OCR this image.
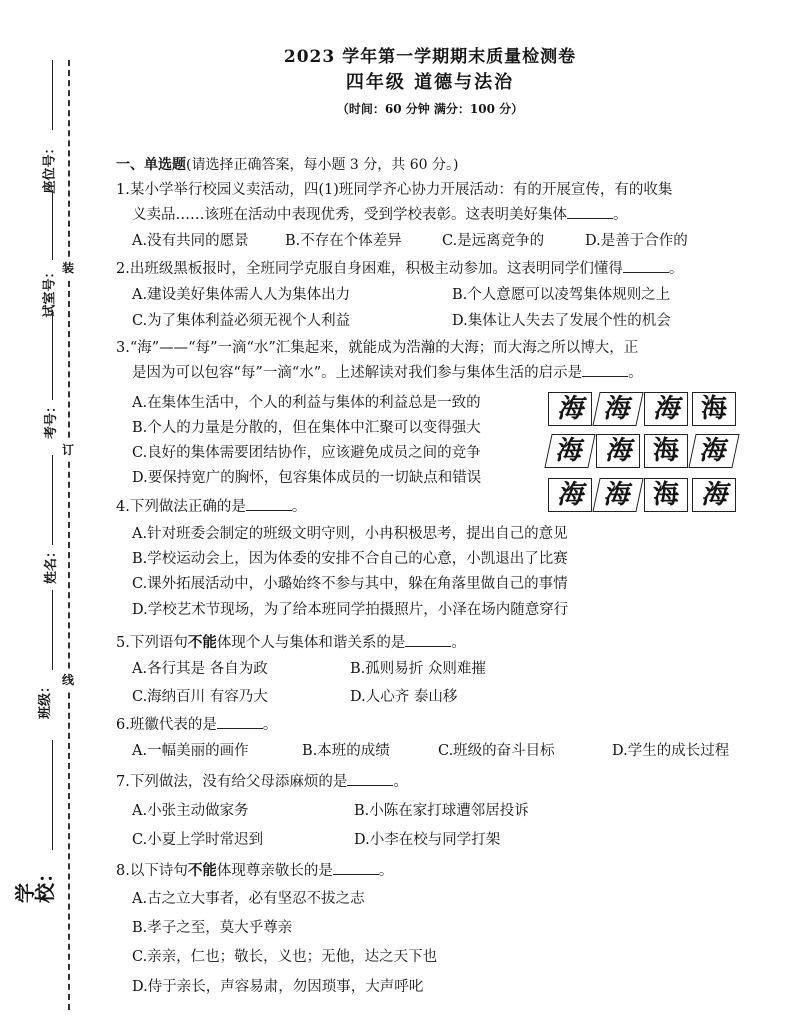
2023 学年第一学期期末质量检测卷
四年级 道德与法治
（时间：60 分钟 满分：100 分）
座位号：
试室号： 装
考号：
订
姓名：
班级： 线
学校：
一、单选题(请选择正确答案，每小题 3 分，共 60 分。)
1.某小学举行校园义卖活动，四(1)班同学齐心协力开展活动：有的开展宣传，有的收集
义卖品……该班在活动中表现优秀，受到学校表彰。这表明美好集体	。
A.没有共同的愿景	B.不存在个体差异	C.是远离竞争的	D.是善于合作的
2.出班级黑板报时，全班同学克服自身困难，积极主动参加。这表明同学们懂得	。
A.建设美好集体需人人为集体出力	B.个人意愿可以凌驾集体规则之上
C.为了集体利益必须无视个人利益	D.集体让人失去了发展个性的机会
3.“海”——“每”一滴“水”汇集起来，就能成为浩瀚的大海；而大海之所以博大，正
是因为可以包容“每”一滴“水”。上述解读对我们参与集体生活的启示是	。
A.在集体生活中，个人的利益与集体的利益总是一致的
B.个人的力量是分散的，但在集体中汇聚可以变得强大
C.良好的集体需要团结协作，应该避免成员之间的竞争
D.要保持宽广的胸怀，包容集体成员的一切缺点和错误
海 海 海 海
海 海 海 海
海 海 海 海
4.下列做法正确的是	。
A.针对班委会制定的班级文明守则，小冉积极思考，提出自己的意见
B.学校运动会上，因为体委的安排不合自己的心意，小凯退出了比赛
C.课外拓展活动中，小璐始终不参与其中，躲在角落里做自己的事情
D.学校艺术节现场，为了给本班同学拍摄照片，小泽在场内随意穿行
5.下列语句不能体现个人与集体和谐关系的是	。
A.各行其是 各自为政	B.孤则易折 众则难摧
C.海纳百川 有容乃大	D.人心齐 泰山移
6.班徽代表的是	。
A.一幅美丽的画作	B.本班的成绩	C.班级的奋斗目标	D.学生的成长过程
7.下列做法，没有给父母添麻烦的是	。
A.小张主动做家务	B.小陈在家打球遭邻居投诉
C.小夏上学时常迟到	D.小李在校与同学打架
8.以下诗句不能体现尊亲敬长的是	。
A.古之立大事者，必有坚忍不拔之志
B.孝子之至，莫大乎尊亲
C.亲亲，仁也；敬长，义也；无他，达之天下也
D.侍于亲长，声容易肃，勿因琐事，大声呼叱
